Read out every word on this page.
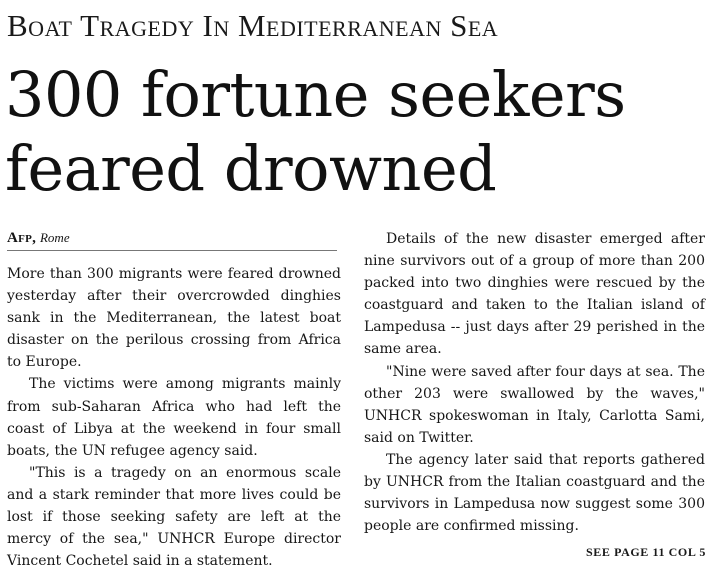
Boat Tragedy In Mediterranean Sea
300 fortune seekers feared drowned
Afp, Rome

More than 300 migrants were feared drowned yesterday after their overcrowded dinghies sank in the Mediterranean, the latest boat disaster on the perilous crossing from Africa to Europe.

The victims were among migrants mainly from sub-Saharan Africa who had left the coast of Libya at the weekend in four small boats, the UN refugee agency said.

"This is a tragedy on an enormous scale and a stark reminder that more lives could be lost if those seeking safety are left at the mercy of the sea," UNHCR Europe director Vincent Cochetel said in a statement.

Details of the new disaster emerged after nine survivors out of a group of more than 200 packed into two dinghies were rescued by the coastguard and taken to the Italian island of Lampedusa -- just days after 29 perished in the same area.

"Nine were saved after four days at sea. The other 203 were swallowed by the waves," UNHCR spokeswoman in Italy, Carlotta Sami, said on Twitter.

The agency later said that reports gathered by UNHCR from the Italian coastguard and the survivors in Lampedusa now suggest some 300 people are confirmed missing.

SEE PAGE 11 COL 5
